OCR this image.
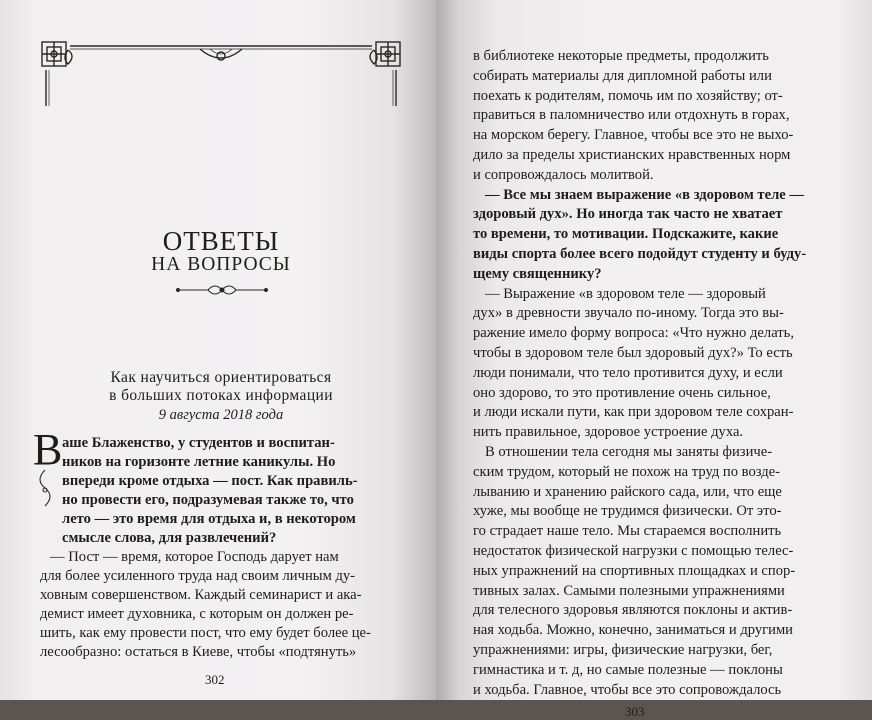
ОТВЕТЫ
НА ВОПРОСЫ
Как научиться ориентироваться
в больших потоках информации
9 августа 2018 года
В аше Блаженство, у студентов и воспитан-
ников на горизонте летние каникулы. Но
впереди кроме отдыха — пост. Как правиль-
но провести его, подразумевая также то, что
лето — это время для отдыха и, в некотором
смысле слова, для развлечений?
— Пост — время, которое Господь дарует нам
для более усиленного труда над своим личным ду-
ховным совершенством. Каждый семинарист и ака-
демист имеет духовника, с которым он должен ре-
шить, как ему провести пост, что ему будет более це-
лесообразно: остаться в Киеве, чтобы «подтянуть»
302
в библиотеке некоторые предметы, продолжить
собирать материалы для дипломной работы или
поехать к родителям, помочь им по хозяйству; от-
правиться в паломничество или отдохнуть в горах,
на морском берегу. Главное, чтобы все это не выхо-
дило за пределы христианских нравственных норм
и сопровождалось молитвой.
— Все мы знаем выражение «в здоровом теле —
здоровый дух». Но иногда так часто не хватает
то времени, то мотивации. Подскажите, какие
виды спорта более всего подойдут студенту и буду-
щему священнику?
— Выражение «в здоровом теле — здоровый
дух» в древности звучало по-иному. Тогда это вы-
ражение имело форму вопроса: «Что нужно делать,
чтобы в здоровом теле был здоровый дух?» То есть
люди понимали, что тело противится духу, и если
оно здорово, то это противление очень сильное,
и люди искали пути, как при здоровом теле сохран-
нить правильное, здоровое устроение духа.
В отношении тела сегодня мы заняты физиче-
ским трудом, который не похож на труд по возде-
лыванию и хранению райского сада, или, что еще
хуже, мы вообще не трудимся физически. От это-
го страдает наше тело. Мы стараемся восполнить
недостаток физической нагрузки с помощью телес-
ных упражнений на спортивных площадках и спор-
тивных залах. Самыми полезными упражнениями
для телесного здоровья являются поклоны и актив-
ная ходьба. Можно, конечно, заниматься и другими
упражнениями: игры, физические нагрузки, бег,
гимнастика и т. д, но самые полезные — поклоны
и ходьба. Главное, чтобы все это сопровождалось
303
